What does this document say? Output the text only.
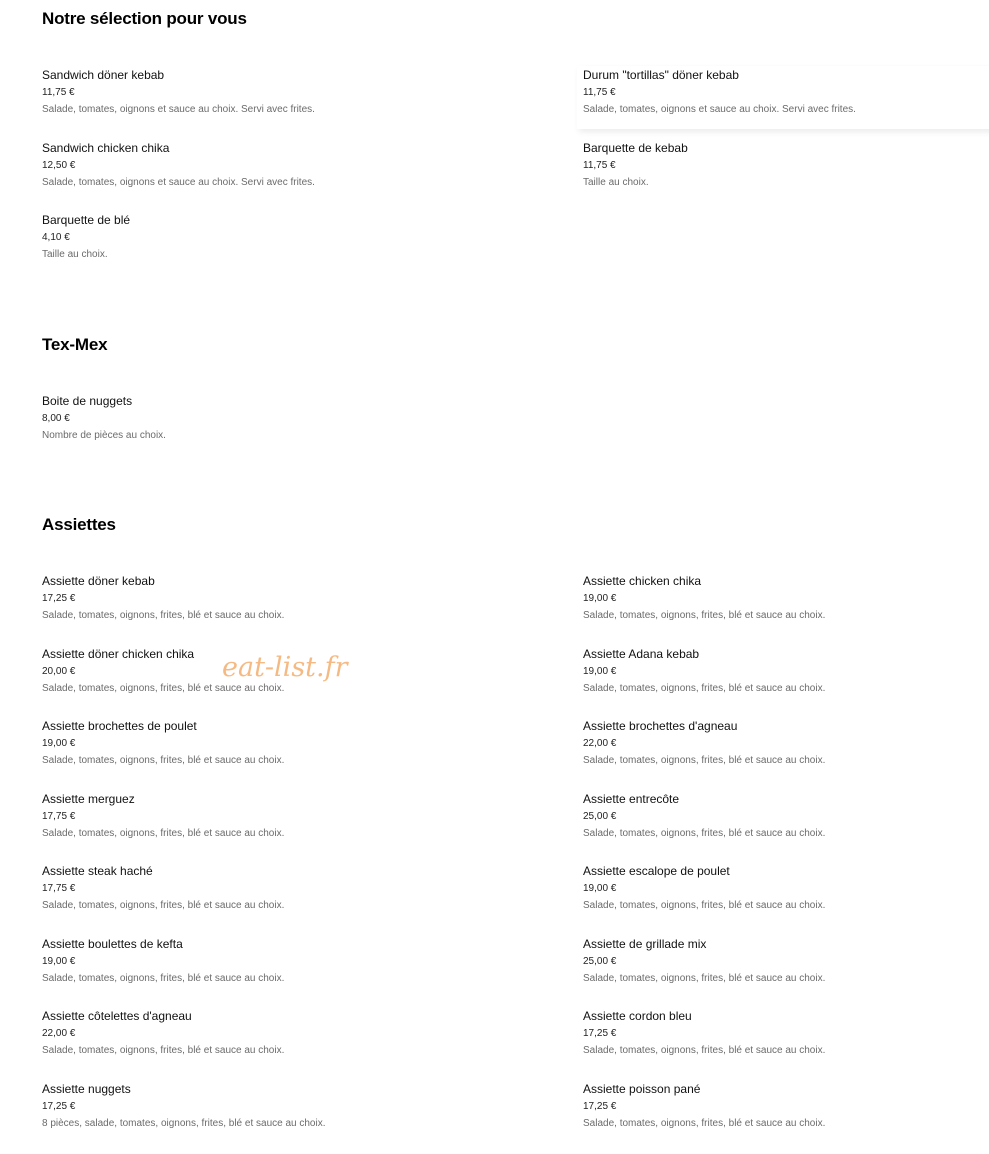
Notre sélection pour vous
Sandwich döner kebab
11,75 €
Salade, tomates, oignons et sauce au choix. Servi avec frites.
Durum "tortillas" döner kebab
11,75 €
Salade, tomates, oignons et sauce au choix. Servi avec frites.
Sandwich chicken chika
12,50 €
Salade, tomates, oignons et sauce au choix. Servi avec frites.
Barquette de kebab
11,75 €
Taille au choix.
Barquette de blé
4,10 €
Taille au choix.
Tex-Mex
Boite de nuggets
8,00 €
Nombre de pièces au choix.
Assiettes
Assiette döner kebab
17,25 €
Salade, tomates, oignons, frites, blé et sauce au choix.
Assiette chicken chika
19,00 €
Salade, tomates, oignons, frites, blé et sauce au choix.
Assiette döner chicken chika
20,00 €
Salade, tomates, oignons, frites, blé et sauce au choix.
Assiette Adana kebab
19,00 €
Salade, tomates, oignons, frites, blé et sauce au choix.
Assiette brochettes de poulet
19,00 €
Salade, tomates, oignons, frites, blé et sauce au choix.
Assiette brochettes d'agneau
22,00 €
Salade, tomates, oignons, frites, blé et sauce au choix.
Assiette merguez
17,75 €
Salade, tomates, oignons, frites, blé et sauce au choix.
Assiette entrecôte
25,00 €
Salade, tomates, oignons, frites, blé et sauce au choix.
Assiette steak haché
17,75 €
Salade, tomates, oignons, frites, blé et sauce au choix.
Assiette escalope de poulet
19,00 €
Salade, tomates, oignons, frites, blé et sauce au choix.
Assiette boulettes de kefta
19,00 €
Salade, tomates, oignons, frites, blé et sauce au choix.
Assiette de grillade mix
25,00 €
Salade, tomates, oignons, frites, blé et sauce au choix.
Assiette côtelettes d'agneau
22,00 €
Salade, tomates, oignons, frites, blé et sauce au choix.
Assiette cordon bleu
17,25 €
Salade, tomates, oignons, frites, blé et sauce au choix.
Assiette nuggets
17,25 €
8 pièces, salade, tomates, oignons, frites, blé et sauce au choix.
Assiette poisson pané
17,25 €
Salade, tomates, oignons, frites, blé et sauce au choix.
eat-list.fr
